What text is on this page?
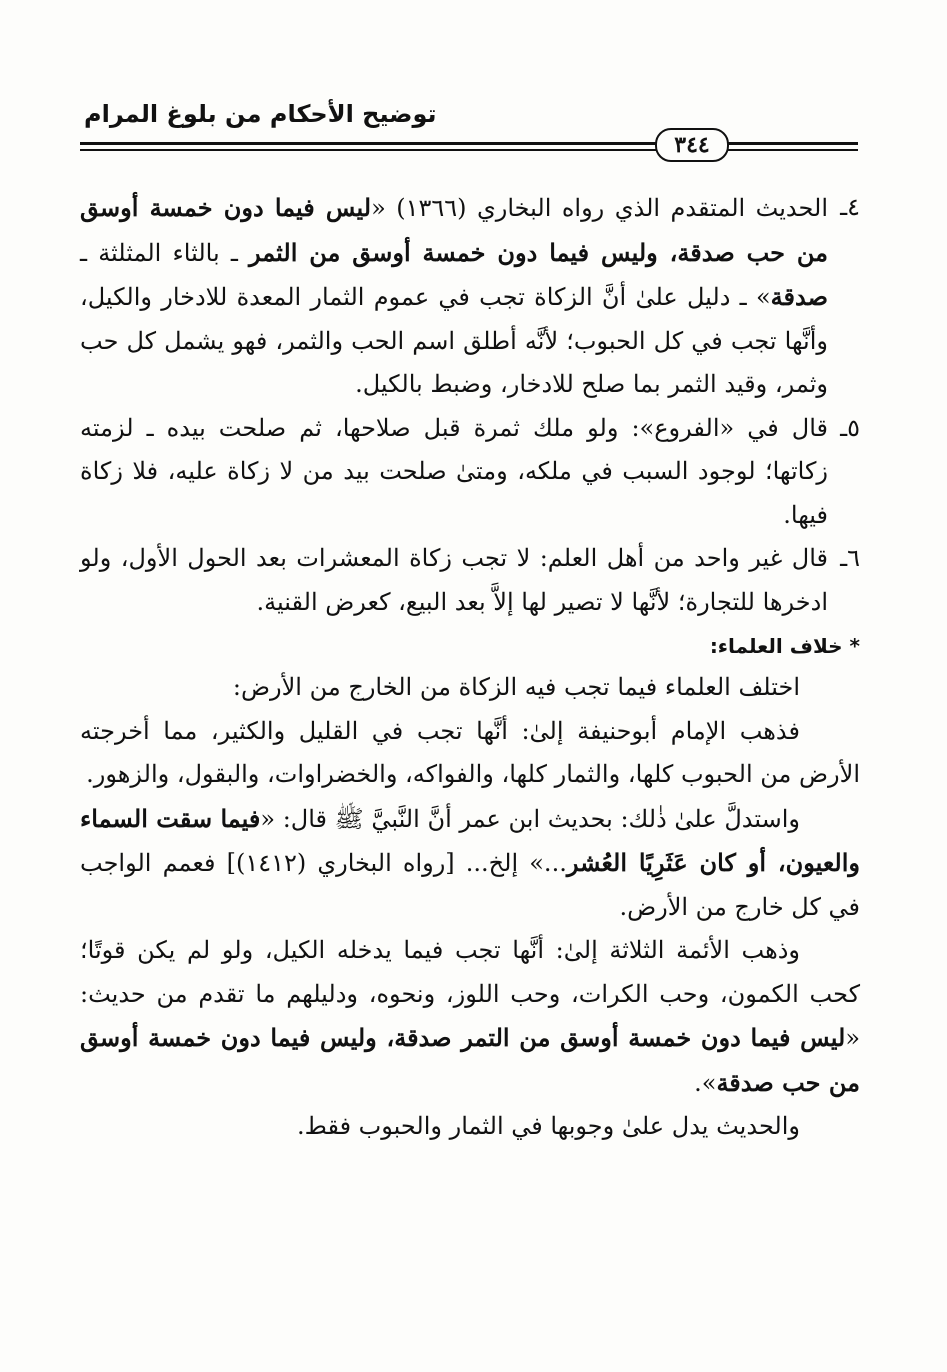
توضيح الأحكام من بلوغ المرام
٣٤٤

٤ـ
الحديث المتقدم الذي رواه البخاري (١٣٦٦) «ليس فيما دون خمسة أوسق من حب صدقة، وليس فيما دون خمسة أوسق من الثمر ـ بالثاء المثلثة ـ صدقة» ـ دليل علىٰ أنَّ الزكاة تجب في عموم الثمار المعدة للادخار والكيل، وأنَّها تجب في كل الحبوب؛ لأنَّه أطلق اسم الحب والثمر، فهو يشمل كل حب وثمر، وقيد الثمر بما صلح للادخار، وضبط بالكيل.

٥ـ
قال في «الفروع»: ولو ملك ثمرة قبل صلاحها، ثم صلحت بيده ـ لزمته زكاتها؛ لوجود السبب في ملكه، ومتىٰ صلحت بيد من لا زكاة عليه، فلا زكاة فيها.

٦ـ
قال غير واحد من أهل العلم: لا تجب زكاة المعشرات بعد الحول الأول، ولو ادخرها للتجارة؛ لأنَّها لا تصير لها إلاَّ بعد البيع، كعرض القنية.

* خلاف العلماء:

اختلف العلماء فيما تجب فيه الزكاة من الخارج من الأرض:

فذهب الإمام أبوحنيفة إلىٰ: أنَّها تجب في القليل والكثير، مما أخرجته الأرض من الحبوب كلها، والثمار كلها، والفواكه، والخضراوات، والبقول، والزهور.

واستدلَّ علىٰ ذٰلك: بحديث ابن عمر أنَّ النَّبيَّ ﷺ قال: «فيما سقت السماء والعيون، أو كان عَثَرِيًا العُشر...» إلخ... [رواه البخاري (١٤١٢)] فعمم الواجب في كل خارج من الأرض.

وذهب الأئمة الثلاثة إلىٰ: أنَّها تجب فيما يدخله الكيل، ولو لم يكن قوتًا؛ كحب الكمون، وحب الكرات، وحب اللوز، ونحوه، ودليلهم ما تقدم من حديث: «ليس فيما دون خمسة أوسق من التمر صدقة، وليس فيما دون خمسة أوسق من حب صدقة».

والحديث يدل علىٰ وجوبها في الثمار والحبوب فقط.
